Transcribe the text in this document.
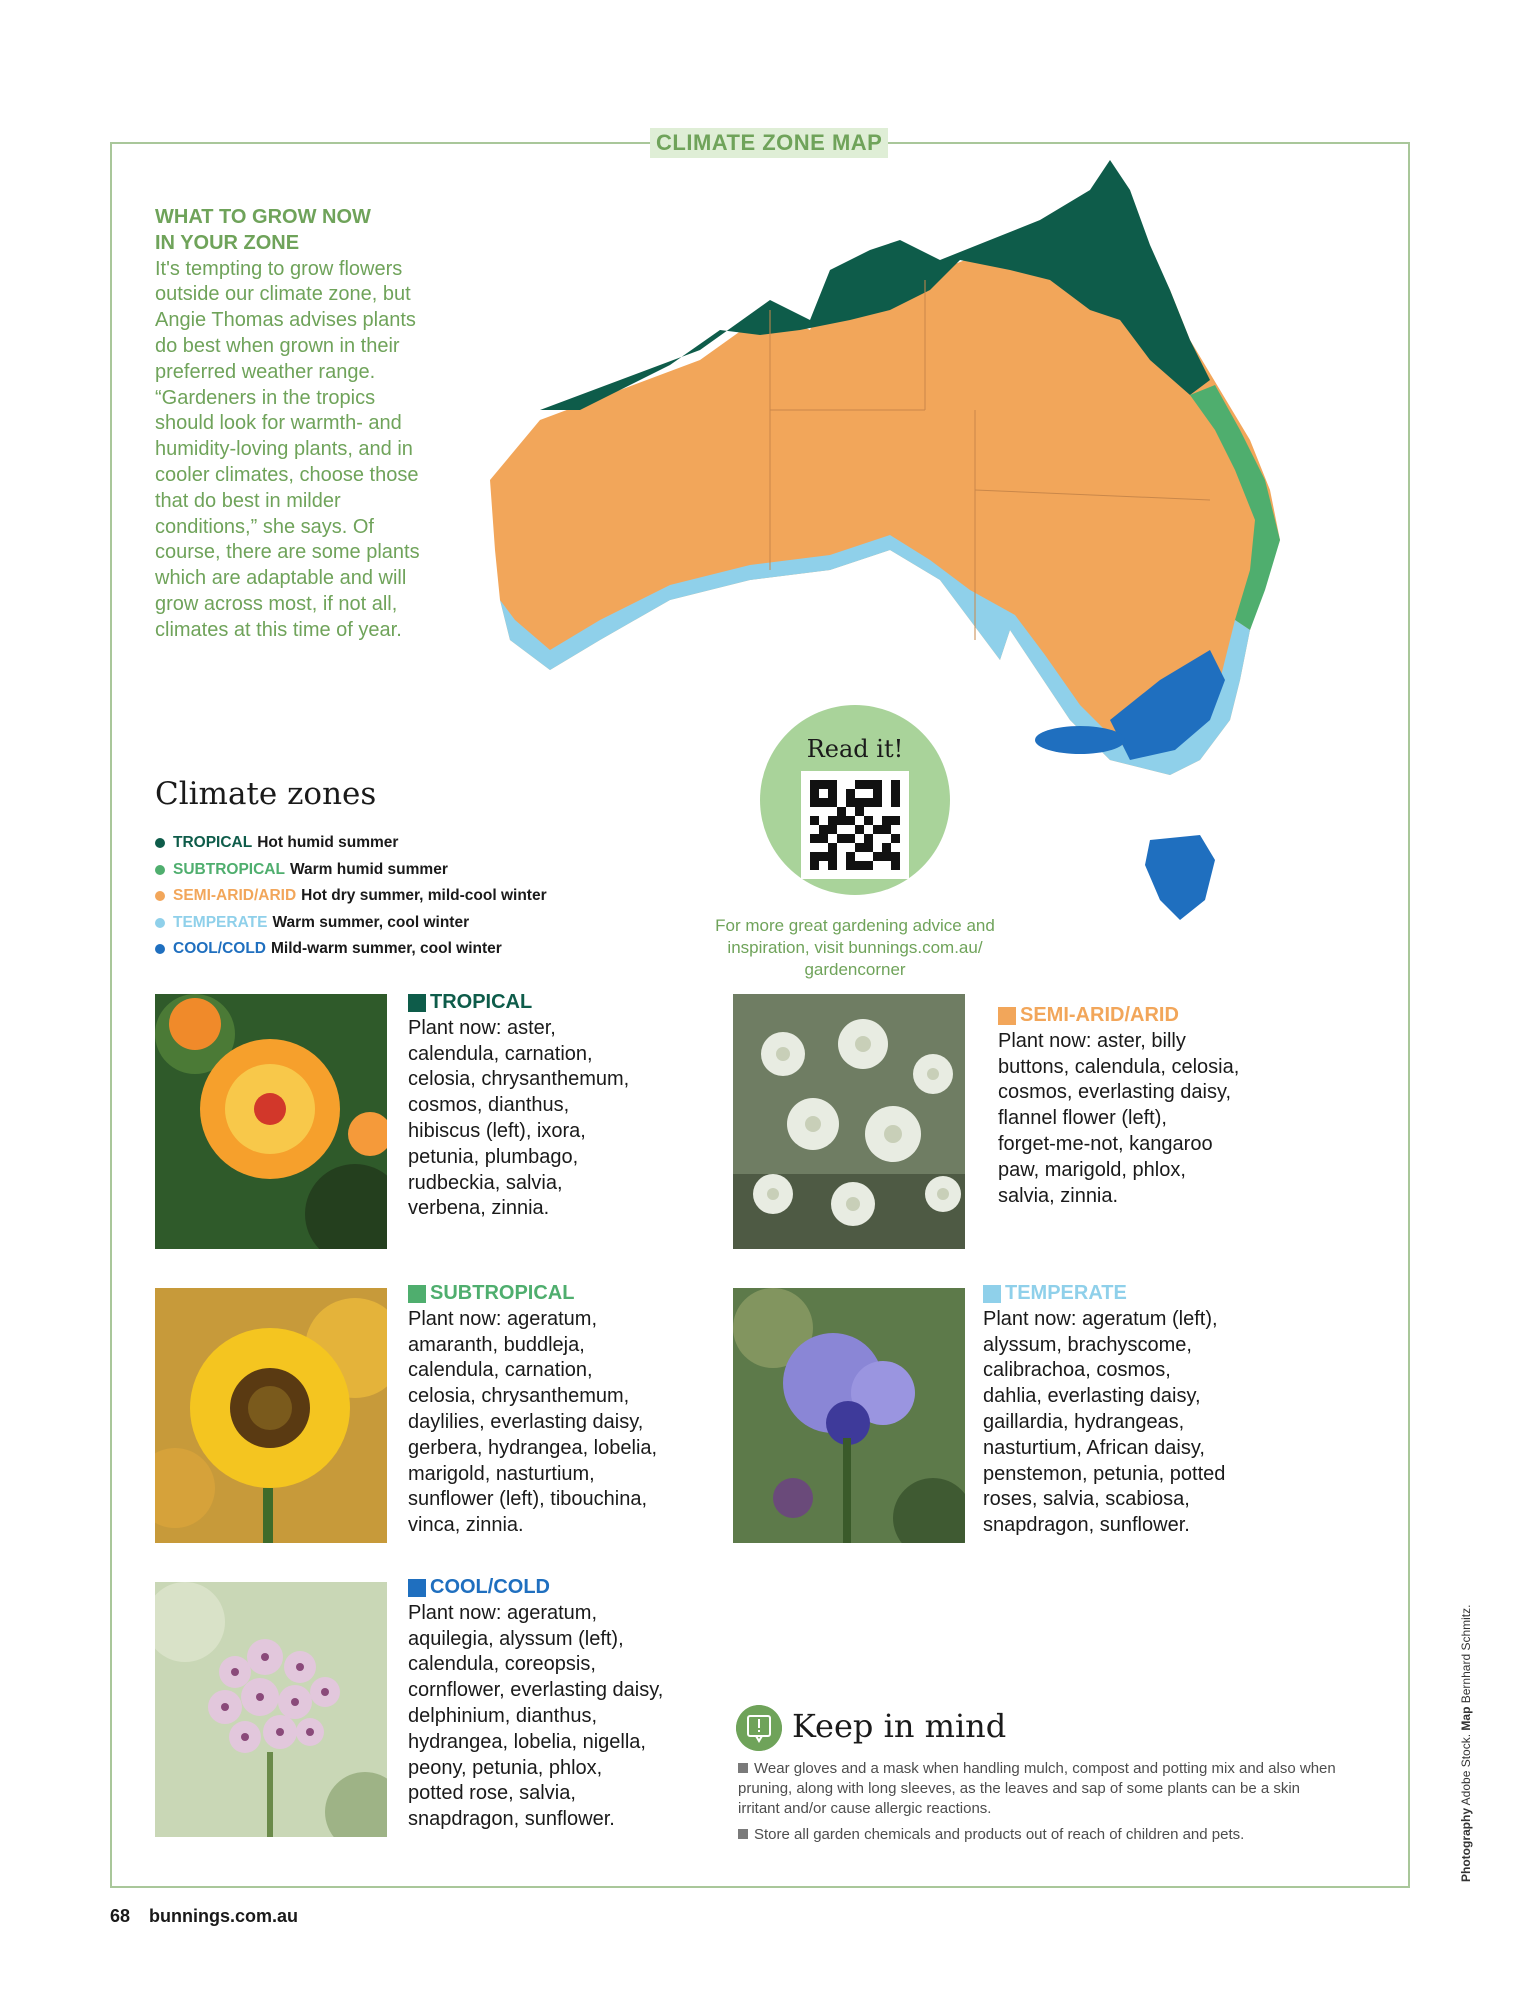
CLIMATE ZONE MAP
WHAT TO GROW NOW
IN YOUR ZONE
It's tempting to grow flowers outside our climate zone, but Angie Thomas advises plants do best when grown in their preferred weather range. “Gardeners in the tropics should look for warmth- and humidity-loving plants, and in cooler climates, choose those that do best in milder conditions,” she says. Of course, there are some plants which are adaptable and will grow across most, if not all, climates at this time of year.
Climate zones
TROPICAL Hot humid summer
SUBTROPICAL Warm humid summer
SEMI-ARID/ARID Hot dry summer, mild-cool winter
TEMPERATE Warm summer, cool winter
COOL/COLD Mild-warm summer, cool winter
Read it!
For more great gardening advice and inspiration, visit bunnings.com.au/ gardencorner
TROPICAL
Plant now: aster,
calendula, carnation,
celosia, chrysanthemum,
cosmos, dianthus,
hibiscus (left), ixora,
petunia, plumbago,
rudbeckia, salvia,
verbena, zinnia.
SEMI-ARID/ARID
Plant now: aster, billy
buttons, calendula, celosia,
cosmos, everlasting daisy,
flannel flower (left),
forget-me-not, kangaroo
paw, marigold, phlox,
salvia, zinnia.
SUBTROPICAL
Plant now: ageratum,
amaranth, buddleja,
calendula, carnation,
celosia, chrysanthemum,
daylilies, everlasting daisy,
gerbera, hydrangea, lobelia,
marigold, nasturtium,
sunflower (left), tibouchina,
vinca, zinnia.
TEMPERATE
Plant now: ageratum (left),
alyssum, brachyscome,
calibrachoa, cosmos,
dahlia, everlasting daisy,
gaillardia, hydrangeas,
nasturtium, African daisy,
penstemon, petunia, potted
roses, salvia, scabiosa,
snapdragon, sunflower.
COOL/COLD
Plant now: ageratum,
aquilegia, alyssum (left),
calendula, coreopsis,
cornflower, everlasting daisy,
delphinium, dianthus,
hydrangea, lobelia, nigella,
peony, petunia, phlox,
potted rose, salvia,
snapdragon, sunflower.
Keep in mind
Wear gloves and a mask when handling mulch, compost and potting mix and also when pruning, along with long sleeves, as the leaves and sap of some plants can be a skin irritant and/or cause allergic reactions.
Store all garden chemicals and products out of reach of children and pets.	Photography Adobe Stock. Map Bernhard Schmitz.
68 bunnings.com.au
